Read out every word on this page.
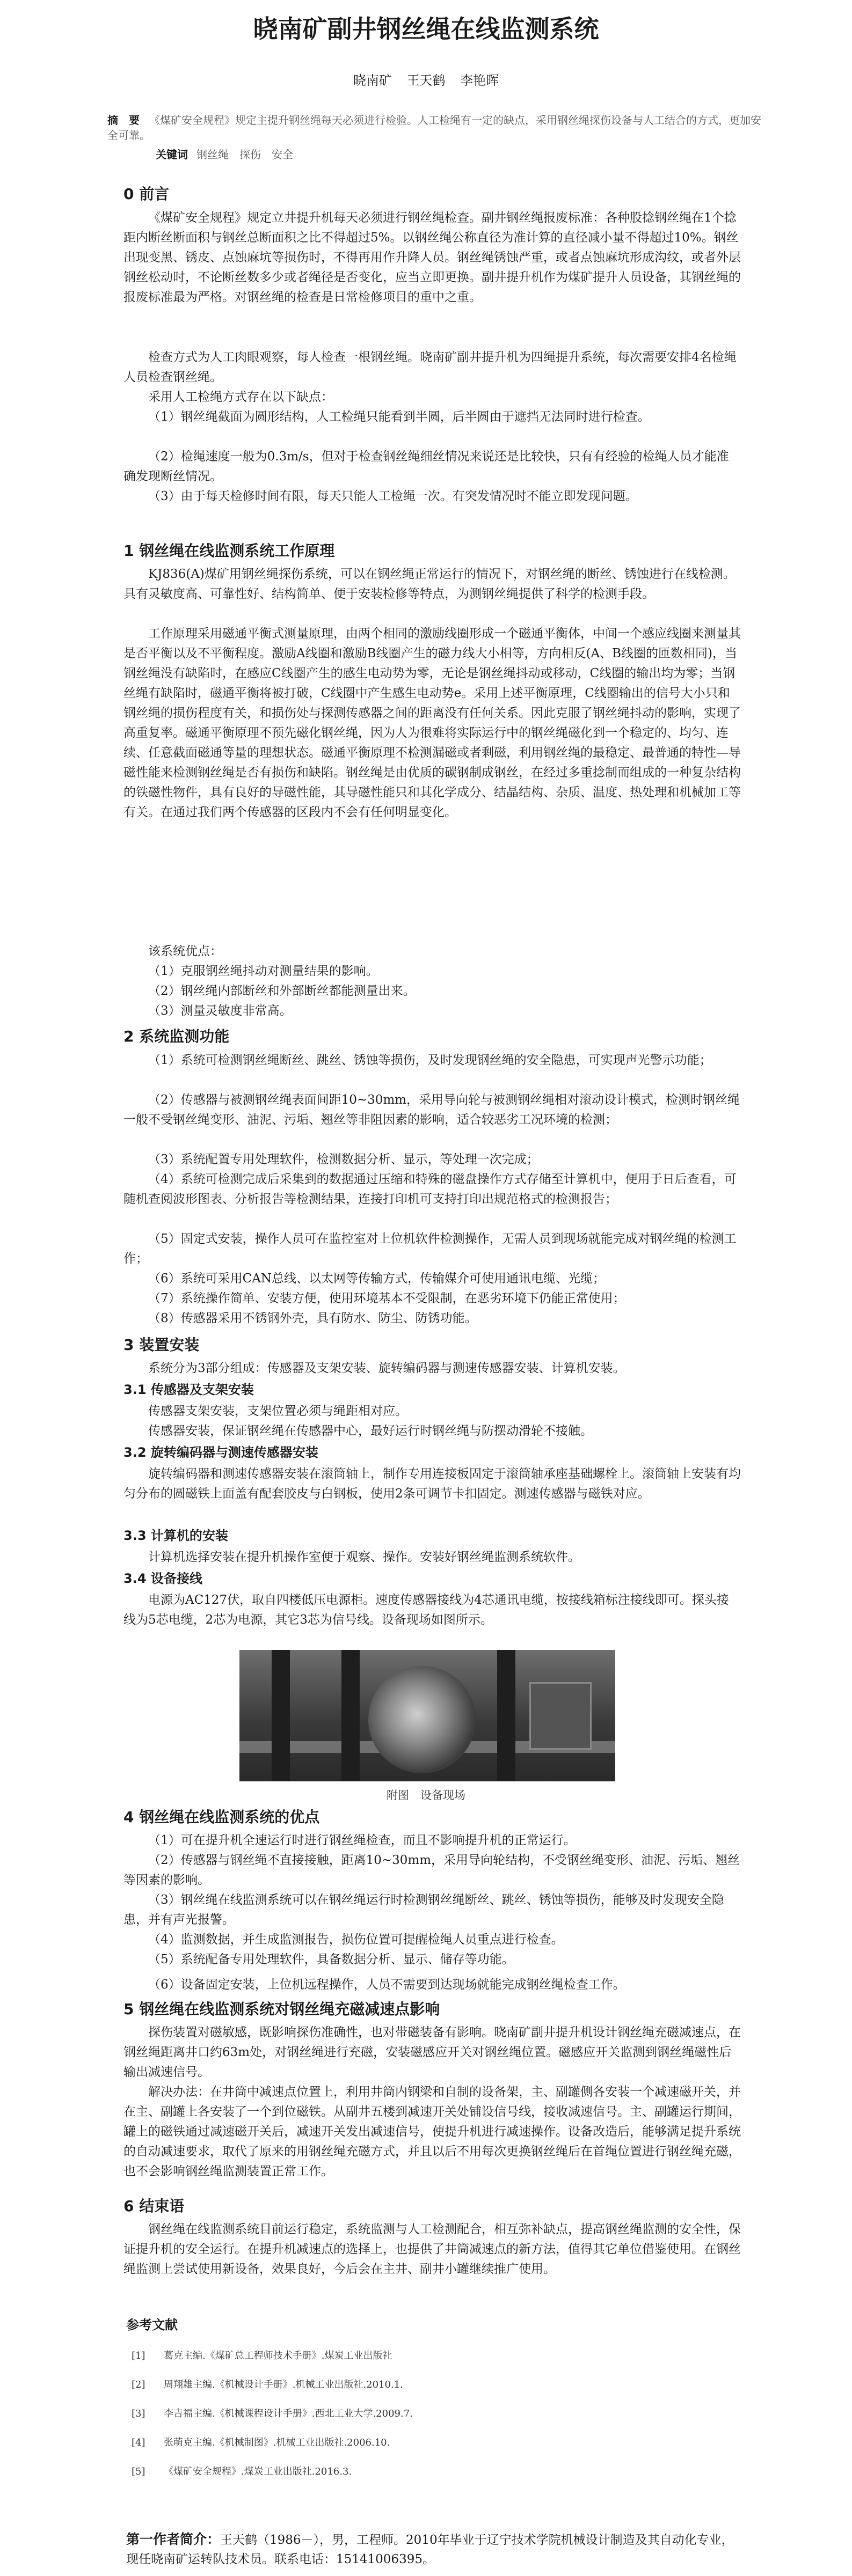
晓南矿副井钢丝绳在线监测系统
晓南矿 王天鹤 李艳晖
摘　要 《煤矿安全规程》规定主提升钢丝绳每天必须进行检验。人工检绳有一定的缺点，采用钢丝绳探伤设备与人工结合的方式，更加安全可靠。
关键词 钢丝绳　探伤　安全
0 前言
《煤矿安全规程》规定立井提升机每天必须进行钢丝绳检查。副井钢丝绳报废标准：各种股捻钢丝绳在1个捻距内断丝断面积与钢丝总断面积之比不得超过5%。以钢丝绳公称直径为准计算的直径减小量不得超过10%。钢丝出现变黑、锈皮、点蚀麻坑等损伤时，不得再用作升降人员。钢丝绳锈蚀严重，或者点蚀麻坑形成沟纹，或者外层钢丝松动时，不论断丝数多少或者绳径是否变化，应当立即更换。副井提升机作为煤矿提升人员设备，其钢丝绳的报废标准最为严格。对钢丝绳的检查是日常检修项目的重中之重。
检查方式为人工肉眼观察，每人检查一根钢丝绳。晓南矿副井提升机为四绳提升系统，每次需要安排4名检绳人员检查钢丝绳。
采用人工检绳方式存在以下缺点：
（1）钢丝绳截面为圆形结构，人工检绳只能看到半圆，后半圆由于遮挡无法同时进行检查。
（2）检绳速度一般为0.3m/s，但对于检查钢丝绳细丝情况来说还是比较快，只有有经验的检绳人员才能准确发现断丝情况。
（3）由于每天检修时间有限，每天只能人工检绳一次。有突发情况时不能立即发现问题。
1 钢丝绳在线监测系统工作原理
KJ836(A)煤矿用钢丝绳探伤系统，可以在钢丝绳正常运行的情况下，对钢丝绳的断丝、锈蚀进行在线检测。具有灵敏度高、可靠性好、结构简单、便于安装检修等特点，为测钢丝绳提供了科学的检测手段。
工作原理采用磁通平衡式测量原理，由两个相同的激励线圈形成一个磁通平衡体，中间一个感应线圈来测量其是否平衡以及不平衡程度。激励A线圈和激励B线圈产生的磁力线大小相等，方向相反(A、B线圈的匝数相同)，当钢丝绳没有缺陷时，在感应C线圈产生的感生电动势为零，无论是钢丝绳抖动或移动，C线圈的输出均为零；当钢丝绳有缺陷时，磁通平衡将被打破，C线圈中产生感生电动势e。采用上述平衡原理，C线圈输出的信号大小只和钢丝绳的损伤程度有关，和损伤处与探测传感器之间的距离没有任何关系。因此克服了钢丝绳抖动的影响，实现了高重复率。磁通平衡原理不预先磁化钢丝绳，因为人为很难将实际运行中的钢丝绳磁化到一个稳定的、均匀、连续、任意截面磁通等量的理想状态。磁通平衡原理不检测漏磁或者剩磁，利用钢丝绳的最稳定、最普通的特性—导磁性能来检测钢丝绳是否有损伤和缺陷。钢丝绳是由优质的碳钢制成钢丝，在经过多重捻制而组成的一种复杂结构的铁磁性物件，具有良好的导磁性能，其导磁性能只和其化学成分、结晶结构、杂质、温度、热处理和机械加工等有关。在通过我们两个传感器的区段内不会有任何明显变化。
该系统优点：
（1）克服钢丝绳抖动对测量结果的影响。
（2）钢丝绳内部断丝和外部断丝都能测量出来。
（3）测量灵敏度非常高。
2 系统监测功能
（1）系统可检测钢丝绳断丝、跳丝、锈蚀等损伤，及时发现钢丝绳的安全隐患，可实现声光警示功能；
（2）传感器与被测钢丝绳表面间距10~30mm，采用导向轮与被测钢丝绳相对滚动设计模式，检测时钢丝绳一般不受钢丝绳变形、油泥、污垢、翘丝等非阻因素的影响，适合较恶劣工况环境的检测；
（3）系统配置专用处理软件，检测数据分析、显示，等处理一次完成；
（4）系统可检测完成后采集到的数据通过压缩和特殊的磁盘操作方式存储至计算机中，便用于日后查看，可随机查阅波形图表、分析报告等检测结果，连接打印机可支持打印出规范格式的检测报告；
（5）固定式安装，操作人员可在监控室对上位机软件检测操作，无需人员到现场就能完成对钢丝绳的检测工作；
（6）系统可采用CAN总线、以太网等传输方式，传输媒介可使用通讯电缆、光缆；
（7）系统操作简单、安装方便，使用环境基本不受限制，在恶劣环境下仍能正常使用；
（8）传感器采用不锈钢外壳，具有防水、防尘、防锈功能。
3 装置安装
系统分为3部分组成：传感器及支架安装、旋转编码器与测速传感器安装、计算机安装。
3.1 传感器及支架安装
传感器支架安装，支架位置必须与绳距相对应。
传感器安装，保证钢丝绳在传感器中心，最好运行时钢丝绳与防摆动滑轮不接触。
3.2 旋转编码器与测速传感器安装
旋转编码器和测速传感器安装在滚筒轴上，制作专用连接板固定于滚筒轴承座基础螺栓上。滚筒轴上安装有均匀分布的圆磁铁上面盖有配套胶皮与白钢板，使用2条可调节卡扣固定。测速传感器与磁铁对应。
3.3 计算机的安装
计算机选择安装在提升机操作室便于观察、操作。安装好钢丝绳监测系统软件。
3.4 设备接线
电源为AC127伏，取自四楼低压电源柜。速度传感器接线为4芯通讯电缆，按接线箱标注接线即可。探头接线为5芯电缆，2芯为电源，其它3芯为信号线。设备现场如图所示。
附图　设备现场
4 钢丝绳在线监测系统的优点
（1）可在提升机全速运行时进行钢丝绳检查，而且不影响提升机的正常运行。
（2）传感器与钢丝绳不直接接触，距离10~30mm，采用导向轮结构，不受钢丝绳变形、油泥、污垢、翘丝等因素的影响。
（3）钢丝绳在线监测系统可以在钢丝绳运行时检测钢丝绳断丝、跳丝、锈蚀等损伤，能够及时发现安全隐患，并有声光报警。
（4）监测数据，并生成监测报告，损伤位置可提醒检绳人员重点进行检查。
（5）系统配备专用处理软件，具备数据分析、显示、储存等功能。
（6）设备固定安装，上位机远程操作，人员不需要到达现场就能完成钢丝绳检查工作。
5 钢丝绳在线监测系统对钢丝绳充磁减速点影响
探伤装置对磁敏感，既影响探伤准确性，也对带磁装备有影响。晓南矿副井提升机设计钢丝绳充磁减速点，在钢丝绳距离井口约63m处，对钢丝绳进行充磁，安装磁感应开关对钢丝绳位置。磁感应开关监测到钢丝绳磁性后输出减速信号。
解决办法：在井筒中减速点位置上，利用井筒内钢梁和自制的设备架，主、副罐侧各安装一个减速磁开关，并在主、副罐上各安装了一个到位磁铁。从副井五楼到减速开关处铺设信号线，接收减速信号。主、副罐运行期间，罐上的磁铁通过减速磁开关后，减速开关发出减速信号，使提升机进行减速操作。设备改造后，能够满足提升系统的自动减速要求，取代了原来的用钢丝绳充磁方式，并且以后不用每次更换钢丝绳后在首绳位置进行钢丝绳充磁，也不会影响钢丝绳监测装置正常工作。
6 结束语
钢丝绳在线监测系统目前运行稳定，系统监测与人工检测配合，相互弥补缺点，提高钢丝绳监测的安全性，保证提升机的安全运行。在提升机减速点的选择上，也提供了井筒减速点的新方法，值得其它单位借鉴使用。在钢丝绳监测上尝试使用新设备，效果良好，今后会在主井、副井小罐继续推广使用。
参考文献
[1] 葛克主编.《煤矿总工程师技术手册》.煤炭工业出版社
[2] 周翔雄主编.《机械设计手册》.机械工业出版社.2010.1.
[3] 李吉福主编.《机械课程设计手册》.西北工业大学.2009.7.
[4] 张萌克主编.《机械制图》.机械工业出版社.2006.10.
[5] 《煤矿安全规程》.煤炭工业出版社.2016.3.
第一作者简介：王天鹤（1986－），男，工程师。2010年毕业于辽宁技术学院机械设计制造及其自动化专业，现任晓南矿运转队技术员。联系电话：15141006395。
